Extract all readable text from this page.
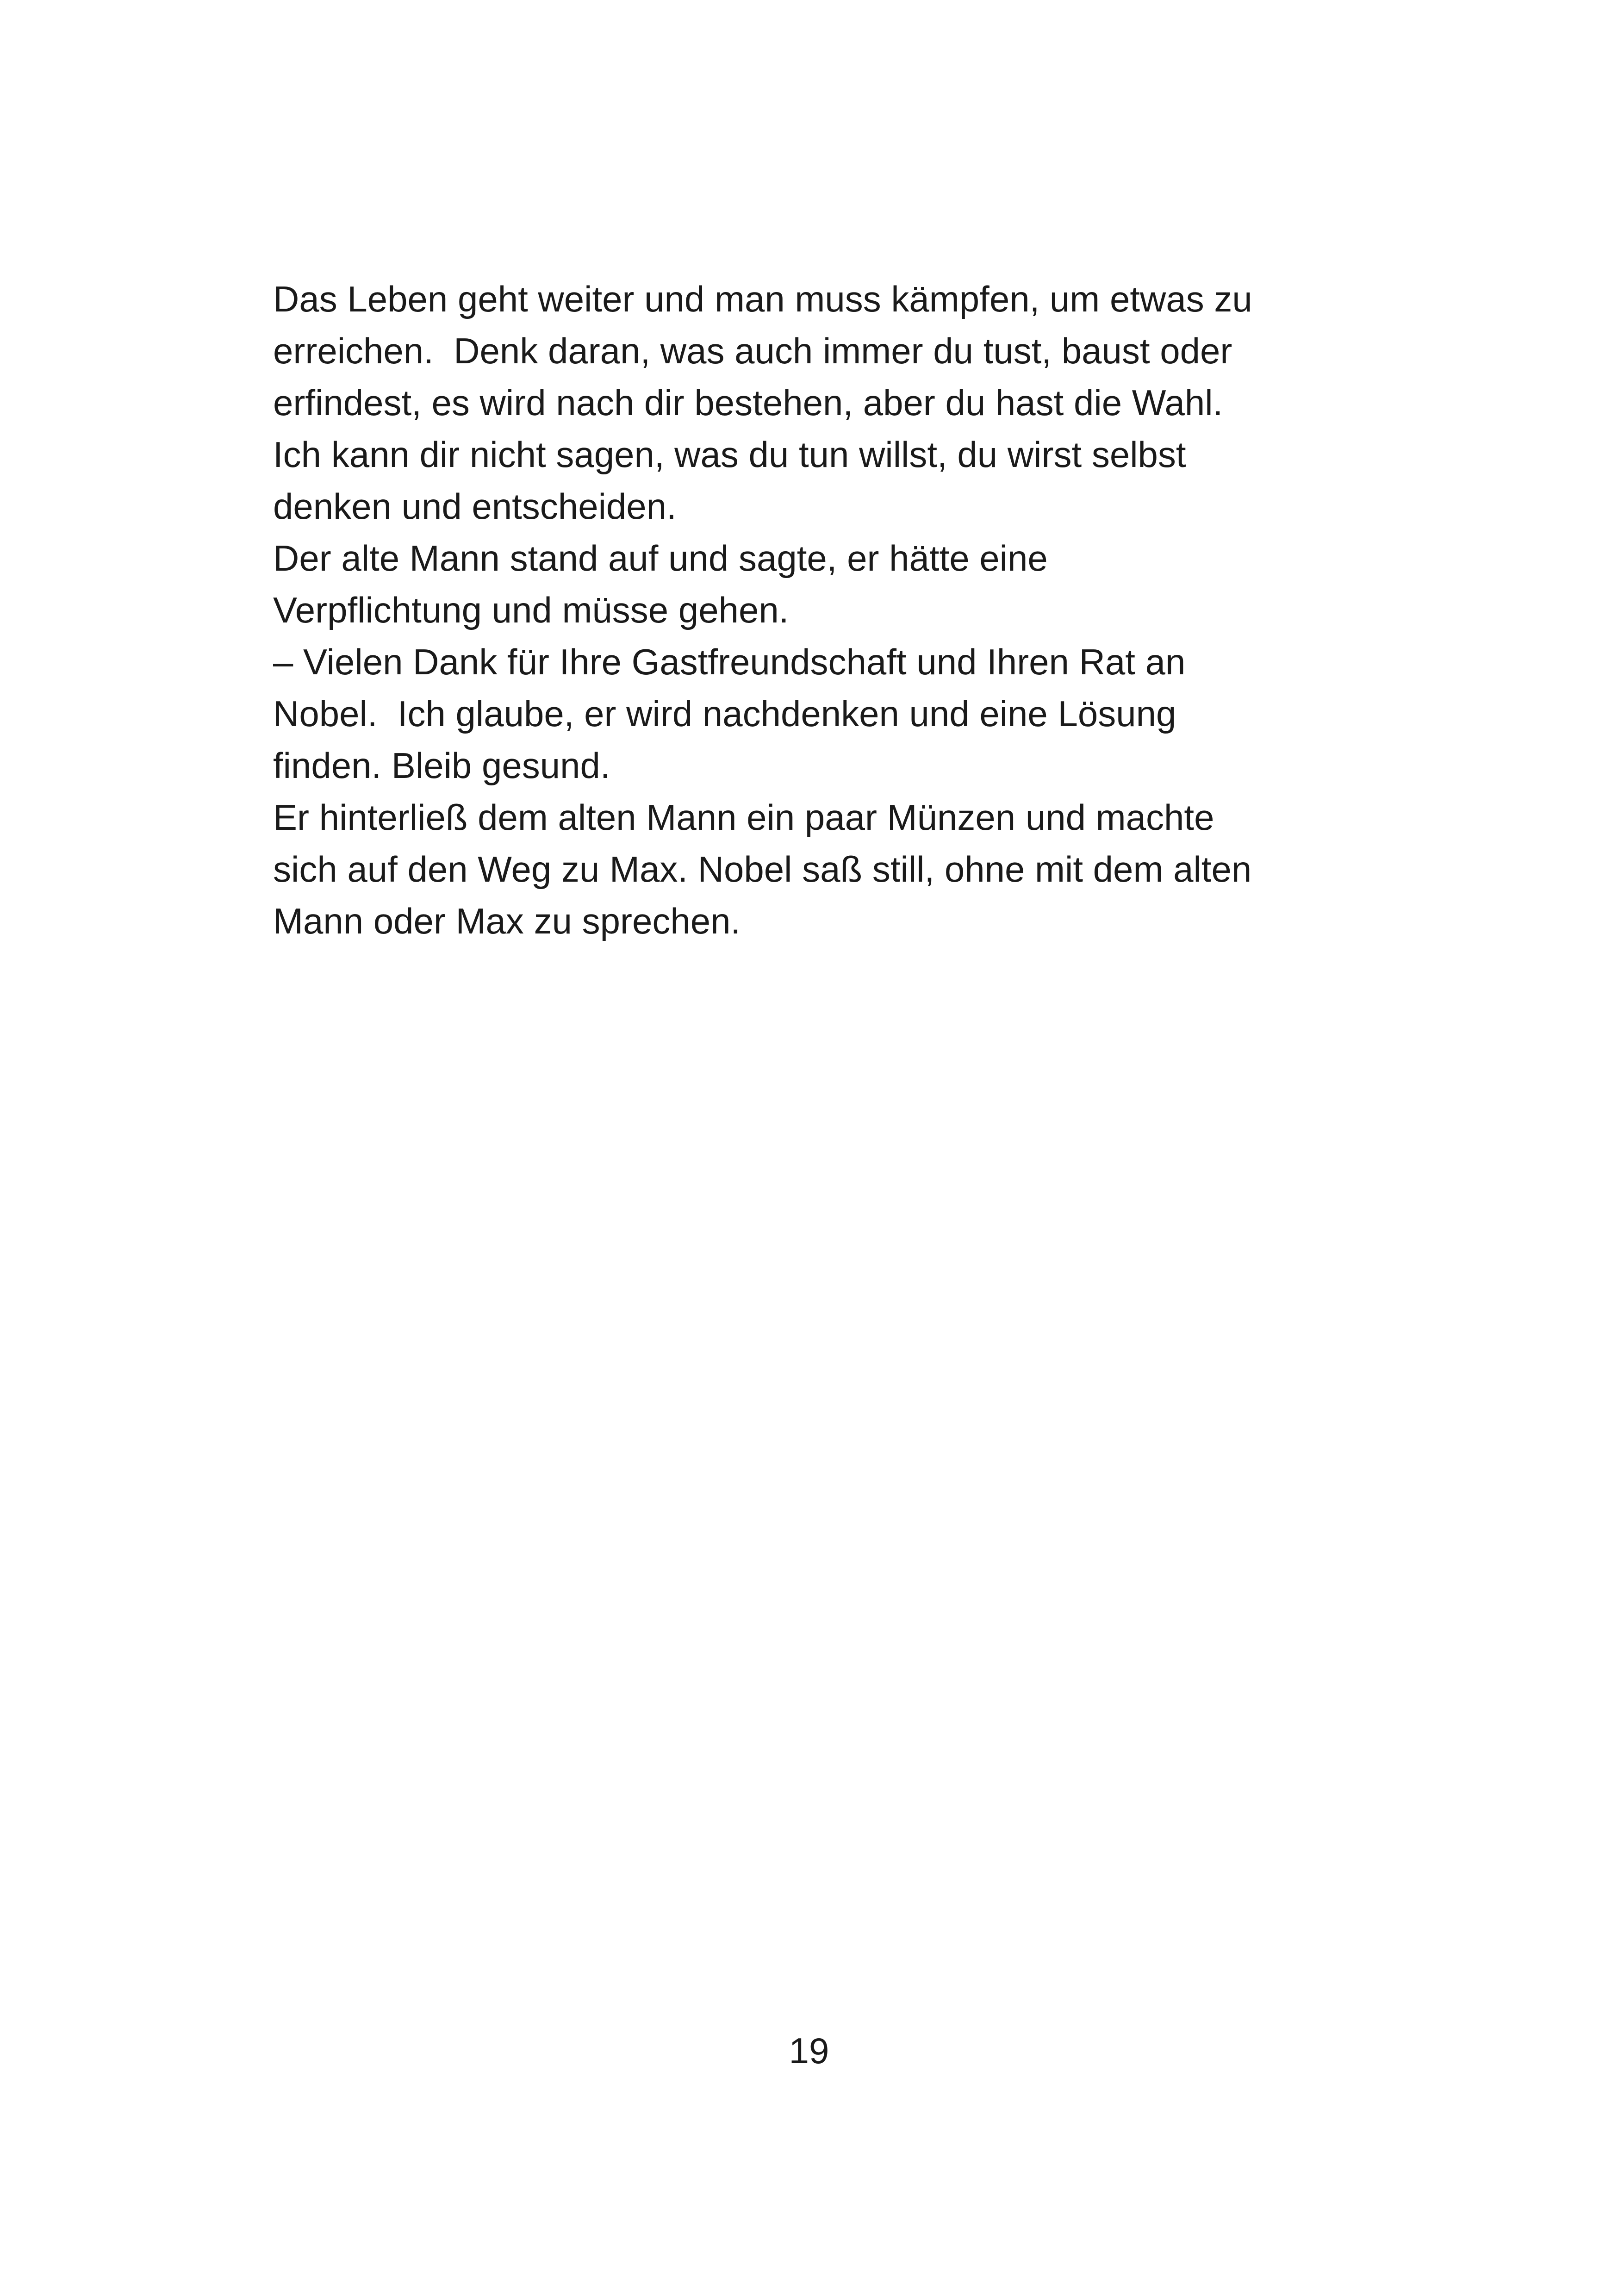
Das Leben geht weiter und man muss kämpfen, um etwas zu
erreichen.  Denk daran, was auch immer du tust, baust oder
erfindest, es wird nach dir bestehen, aber du hast die Wahl.
Ich kann dir nicht sagen, was du tun willst, du wirst selbst
denken und entscheiden.
Der alte Mann stand auf und sagte, er hätte eine
Verpflichtung und müsse gehen.
– Vielen Dank für Ihre Gastfreundschaft und Ihren Rat an
Nobel.  Ich glaube, er wird nachdenken und eine Lösung
finden. Bleib gesund.
Er hinterließ dem alten Mann ein paar Münzen und machte
sich auf den Weg zu Max. Nobel saß still, ohne mit dem alten
Mann oder Max zu sprechen.
19
